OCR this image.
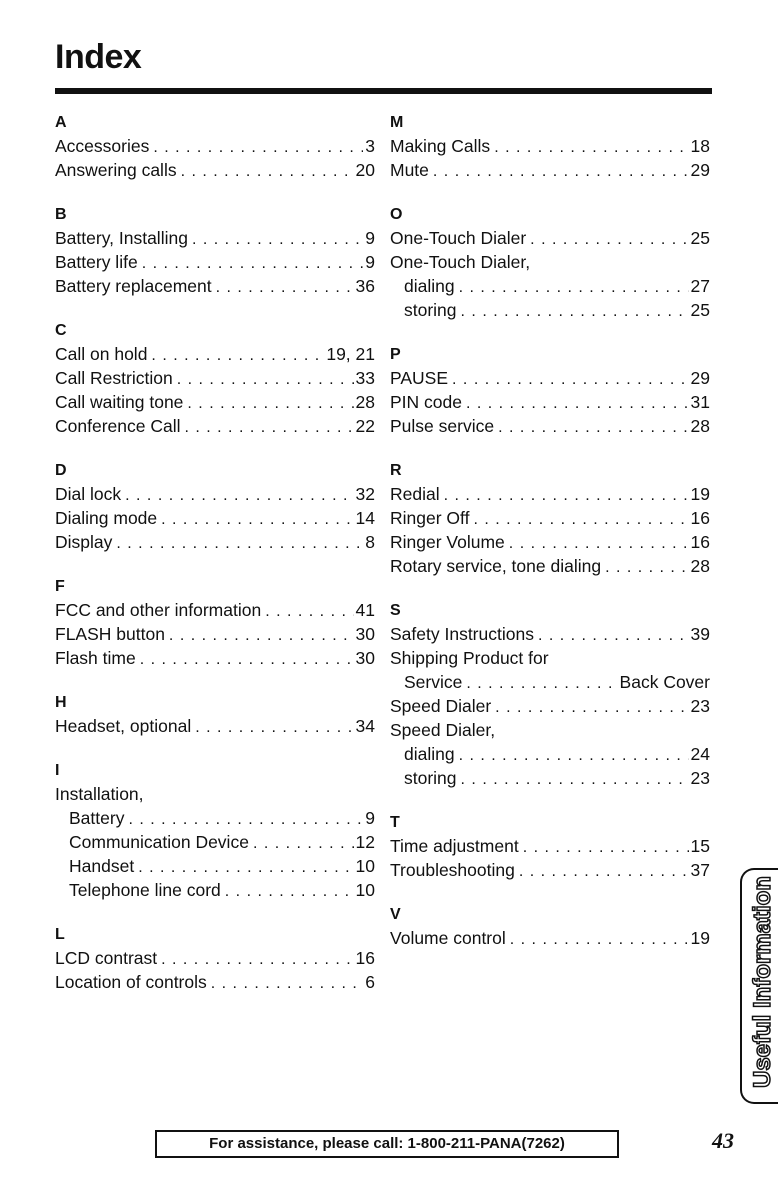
Index
A
Accessories . . .	3
Answering calls . . .	20
B
Battery, Installing . . .	9
Battery life . . .	9
Battery replacement . . .	36
C
Call on hold . . .	19, 21
Call Restriction . . .	33
Call waiting tone . . .	28
Conference Call . . .	22
D
Dial lock . . .	32
Dialing mode . . .	14
Display . . .	8
F
FCC and other information . . .	41
FLASH button . . .	30
Flash time . . .	30
H
Headset, optional . . .	34
I
Installation,
Battery . . .	9
Communication Device . . .	12
Handset . . .	10
Telephone line cord . . .	10
L
LCD contrast . . .	16
Location of controls . . .	6
M
Making Calls . . .	18
Mute . . .	29
O
One-Touch Dialer . . .	25
One-Touch Dialer,
dialing . . .	27
storing . . .	25
P
PAUSE . . .	29
PIN code . . .	31
Pulse service . . .	28
R
Redial . . .	19
Ringer Off . . .	16
Ringer Volume . . .	16
Rotary service, tone dialing . . .	28
S
Safety Instructions . . .	39
Shipping Product for
Service . . .	Back Cover
Speed Dialer . . .	23
Speed Dialer,
dialing . . .	24
storing . . .	23
T
Time adjustment . . .	15
Troubleshooting . . .	37
V
Volume control . . .	19 Useful Information
For assistance, please call: 1-800-211-PANA(7262)	43
